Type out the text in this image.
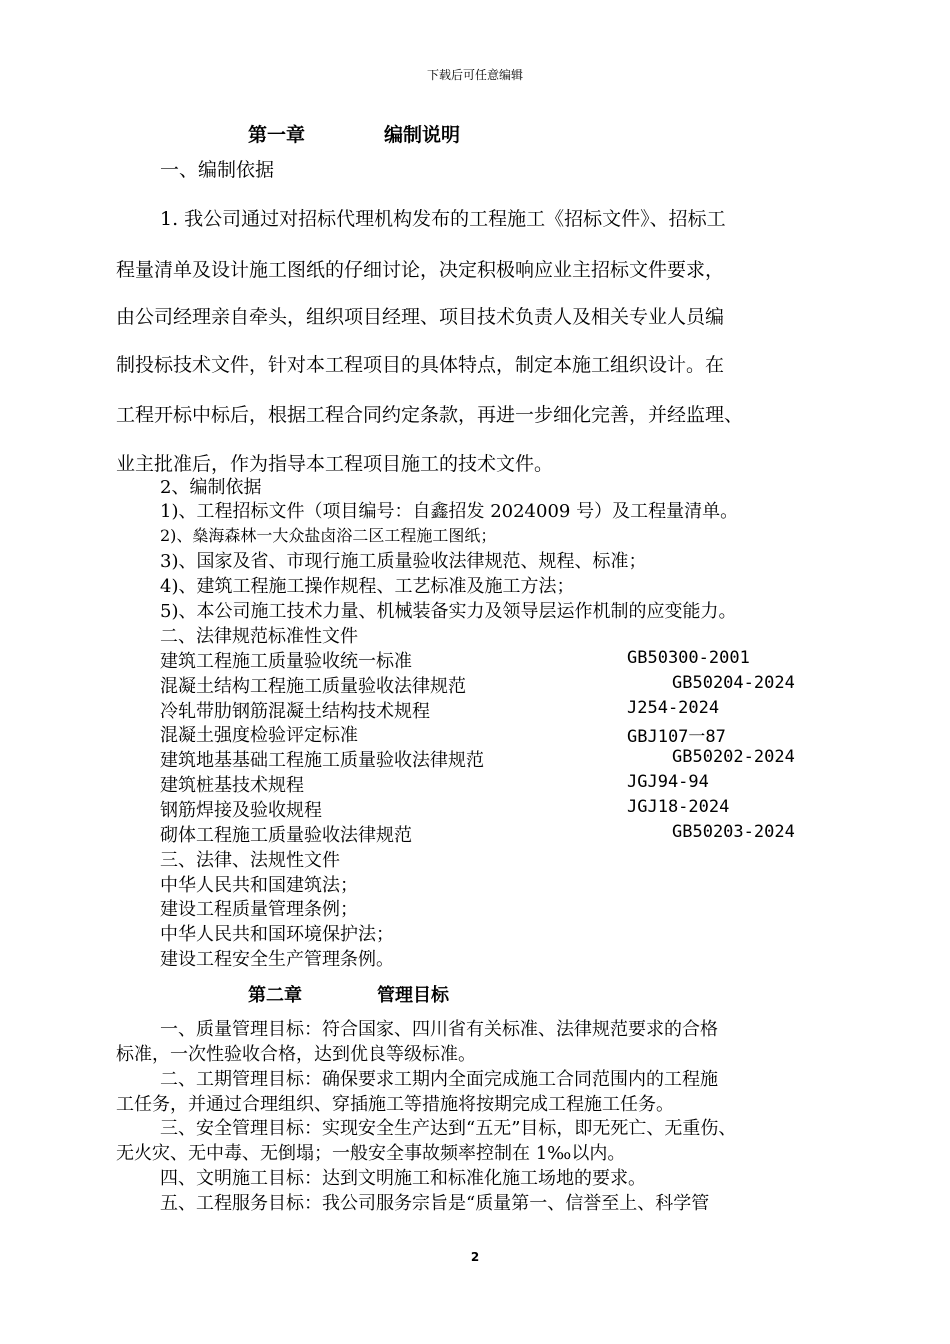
下载后可任意编辑
第一章	编制说明
一、编制依据
1. 我公司通过对招标代理机构发布的工程施工《招标文件》、招标工
程量清单及设计施工图纸的仔细讨论，决定积极响应业主招标文件要求，
由公司经理亲自牵头，组织项目经理、项目技术负责人及相关专业人员编
制投标技术文件，针对本工程项目的具体特点，制定本施工组织设计。在
工程开标中标后，根据工程合同约定条款，再进一步细化完善，并经监理、
业主批准后，作为指导本工程项目施工的技术文件。
2、编制依据
1)、工程招标文件（项目编号：自鑫招发 2024009 号）及工程量清单。
2)、燊海森林一大众盐卤浴二区工程施工图纸；
3)、国家及省、市现行施工质量验收法律规范、规程、标准；
4)、建筑工程施工操作规程、工艺标准及施工方法；
5)、本公司施工技术力量、机械装备实力及领导层运作机制的应变能力。
二、法律规范标准性文件
建筑工程施工质量验收统一标准	GB50300-2001
混凝土结构工程施工质量验收法律规范	GB50204-2024
冷轧带肋钢筋混凝土结构技术规程	J254-2024
混凝土强度检验评定标准	GBJ107一87
建筑地基基础工程施工质量验收法律规范	GB50202-2024
建筑桩基技术规程	JGJ94-94
钢筋焊接及验收规程	JGJ18-2024
砌体工程施工质量验收法律规范	GB50203-2024
三、法律、法规性文件
中华人民共和国建筑法；
建设工程质量管理条例；
中华人民共和国环境保护法；
建设工程安全生产管理条例。
第二章	管理目标
一、质量管理目标：符合国家、四川省有关标准、法律规范要求的合格
标准，一次性验收合格，达到优良等级标准。
二、工期管理目标：确保要求工期内全面完成施工合同范围内的工程施
工任务，并通过合理组织、穿插施工等措施将按期完成工程施工任务。
三、安全管理目标：实现安全生产达到“五无”目标，即无死亡、无重伤、
无火灾、无中毒、无倒塌；一般安全事故频率控制在 1‰以内。
四、文明施工目标：达到文明施工和标准化施工场地的要求。
五、工程服务目标：我公司服务宗旨是“质量第一、信誉至上、科学管
2
